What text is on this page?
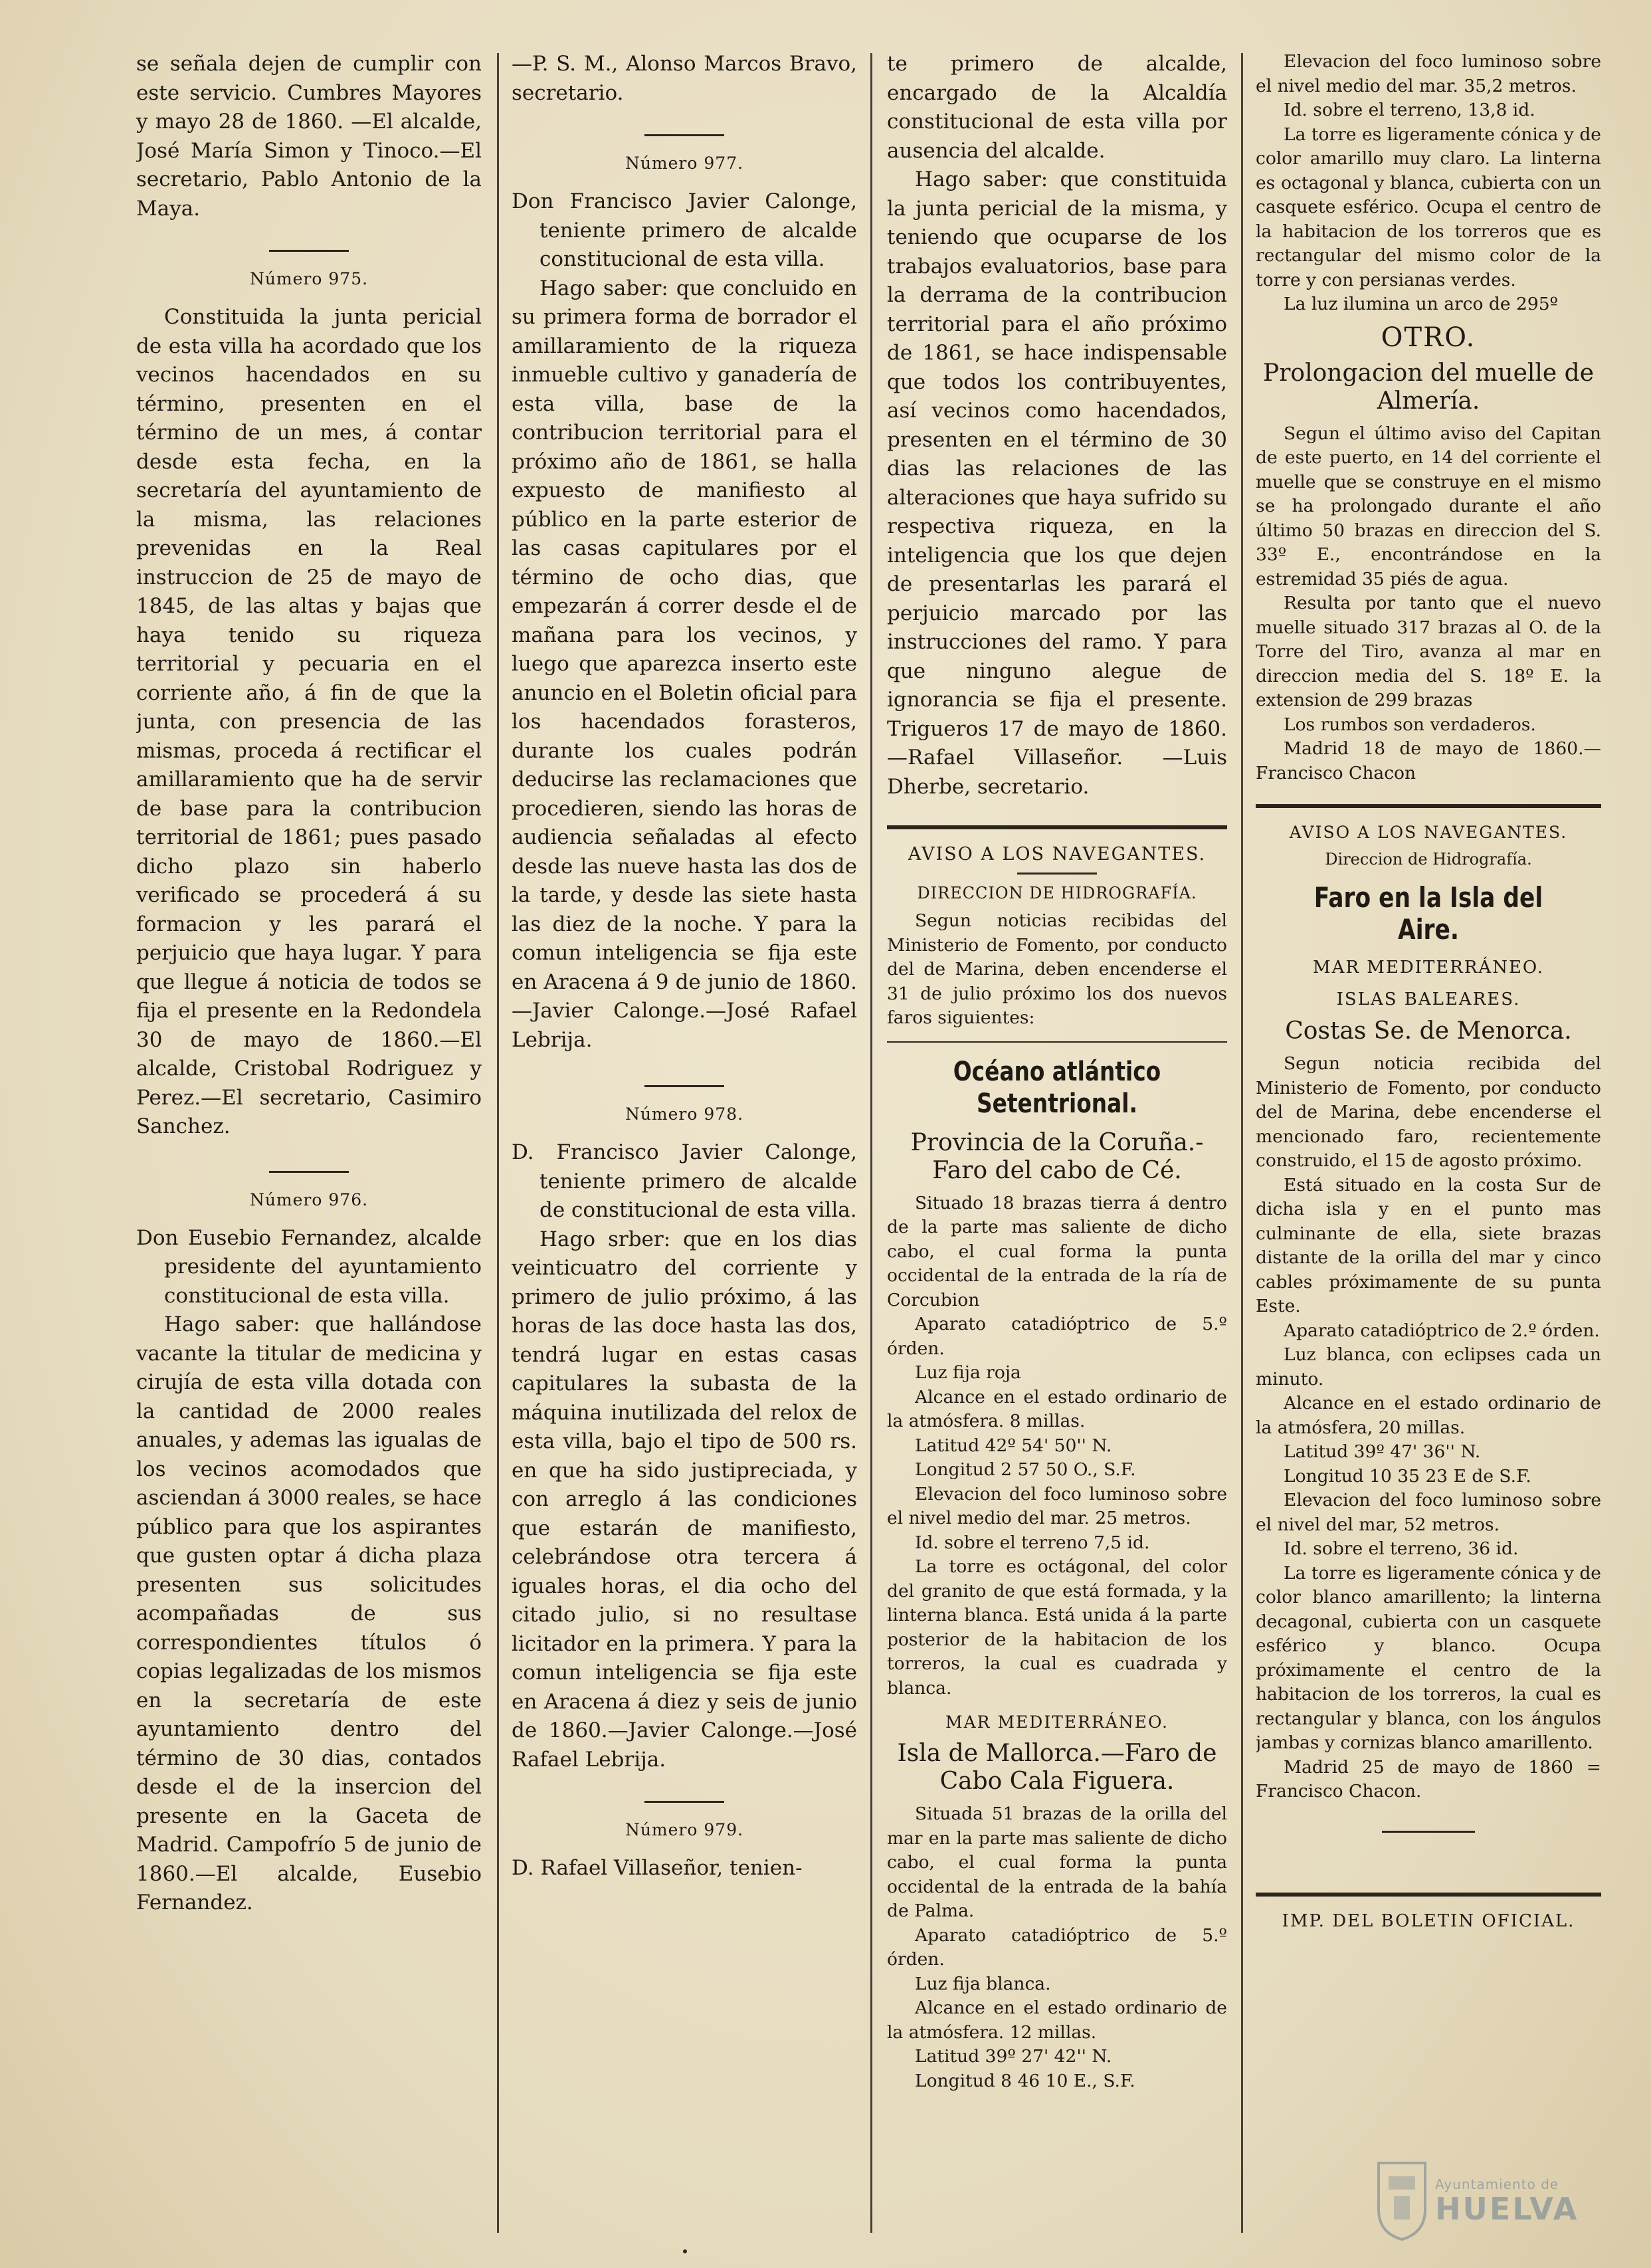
se señala dejen de cumplir con este servicio. Cumbres Mayores y mayo 28 de 1860. —El alcalde, José María Simon y Tinoco.—El secretario, Pablo Antonio de la Maya.

Número 975.

Constituida la junta pericial de esta villa ha acordado que los vecinos hacendados en su término, presenten en el término de un mes, á contar desde esta fecha, en la secretaría del ayuntamiento de la misma, las relaciones prevenidas en la Real instruccion de 25 de mayo de 1845, de las altas y bajas que haya tenido su riqueza territorial y pecuaria en el corriente año, á fin de que la junta, con presencia de las mismas, proceda á rectificar el amillaramiento que ha de servir de base para la contribucion territorial de 1861; pues pasado dicho plazo sin haberlo verificado se procederá á su formacion y les parará el perjuicio que haya lugar. Y para que llegue á noticia de todos se fija el presente en la Redondela 30 de mayo de 1860.—El alcalde, Cristobal Rodriguez y Perez.—El secretario, Casimiro Sanchez.

Número 976.

Don Eusebio Fernandez, alcalde presidente del ayuntamiento constitucional de esta villa.

Hago saber: que hallándose vacante la titular de medicina y cirujía de esta villa dotada con la cantidad de 2000 reales anuales, y ademas las igualas de los vecinos acomodados que asciendan á 3000 reales, se hace público para que los aspirantes que gusten optar á dicha plaza presenten sus solicitudes acompañadas de sus correspondientes títulos ó copias legalizadas de los mismos en la secretaría de este ayuntamiento dentro del término de 30 dias, contados desde el de la insercion del presente en la Gaceta de Madrid. Campofrío 5 de junio de 1860.—El alcalde, Eusebio Fernandez.

—P. S. M., Alonso Marcos Bravo, secretario.

Número 977.

Don Francisco Javier Calonge, teniente primero de alcalde constitucional de esta villa.

Hago saber: que concluido en su primera forma de borrador el amillaramiento de la riqueza inmueble cultivo y ganadería de esta villa, base de la contribucion territorial para el próximo año de 1861, se halla expuesto de manifiesto al público en la parte esterior de las casas capitulares por el término de ocho dias, que empezarán á correr desde el de mañana para los vecinos, y luego que aparezca inserto este anuncio en el Boletin oficial para los hacendados forasteros, durante los cuales podrán deducirse las reclamaciones que procedieren, siendo las horas de audiencia señaladas al efecto desde las nueve hasta las dos de la tarde, y desde las siete hasta las diez de la noche. Y para la comun inteligencia se fija este en Aracena á 9 de junio de 1860.—Javier Calonge.—José Rafael Lebrija.

Número 978.

D. Francisco Javier Calonge, teniente primero de alcalde de constitucional de esta villa.

Hago srber: que en los dias veinticuatro del corriente y primero de julio próximo, á las horas de las doce hasta las dos, tendrá lugar en estas casas capitulares la subasta de la máquina inutilizada del relox de esta villa, bajo el tipo de 500 rs. en que ha sido justipreciada, y con arreglo á las condiciones que estarán de manifiesto, celebrándose otra tercera á iguales horas, el dia ocho del citado julio, si no resultase licitador en la primera. Y para la comun inteligencia se fija este en Aracena á diez y seis de junio de 1860.—Javier Calonge.—José Rafael Lebrija.

Número 979.

D. Rafael Villaseñor, tenien-

te primero de alcalde, encargado de la Alcaldía constitucional de esta villa por ausencia del alcalde.

Hago saber: que constituida la junta pericial de la misma, y teniendo que ocuparse de los trabajos evaluatorios, base para la derrama de la contribucion territorial para el año próximo de 1861, se hace indispensable que todos los contribuyentes, así vecinos como hacendados, presenten en el término de 30 dias las relaciones de las alteraciones que haya sufrido su respectiva riqueza, en la inteligencia que los que dejen de presentarlas les parará el perjuicio marcado por las instrucciones del ramo. Y para que ninguno alegue de ignorancia se fija el presente. Trigueros 17 de mayo de 1860.—Rafael Villaseñor. —Luis Dherbe, secretario.

AVISO A LOS NAVEGANTES.
DIRECCION DE HIDROGRAFÍA.

Segun noticias recibidas del Ministerio de Fomento, por conducto del de Marina, deben encenderse el 31 de julio próximo los dos nuevos faros siguientes:

Océano atlántico Setentrional.
Provincia de la Coruña.-Faro del cabo de Cé.

Situado 18 brazas tierra á dentro de la parte mas saliente de dicho cabo, el cual forma la punta occidental de la entrada de la ría de Corcubion

Aparato catadióptrico de 5.º órden.

Luz fija roja

Alcance en el estado ordinario de la atmósfera. 8 millas.

Latitud 42º 54' 50'' N.

Longitud 2 57 50 O., S.F.

Elevacion del foco luminoso sobre el nivel medio del mar. 25 metros.

Id. sobre el terreno 7,5 id.

La torre es octágonal, del color del granito de que está formada, y la linterna blanca. Está unida á la parte posterior de la habitacion de los torreros, la cual es cuadrada y blanca.

MAR MEDITERRÁNEO.
Isla de Mallorca.—Faro de Cabo Cala Figuera.

Situada 51 brazas de la orilla del mar en la parte mas saliente de dicho cabo, el cual forma la punta occidental de la entrada de la bahía de Palma.

Aparato catadióptrico de 5.º órden.

Luz fija blanca.

Alcance en el estado ordinario de la atmósfera. 12 millas.

Latitud 39º 27' 42'' N.

Longitud 8 46 10 E., S.F.

Elevacion del foco luminoso sobre el nivel medio del mar. 35,2 metros.

Id. sobre el terreno, 13,8 id.

La torre es ligeramente cónica y de color amarillo muy claro. La linterna es octagonal y blanca, cubierta con un casquete esférico. Ocupa el centro de la habitacion de los torreros que es rectangular del mismo color de la torre y con persianas verdes.

La luz ilumina un arco de 295º

OTRO.
Prolongacion del muelle de Almería.

Segun el último aviso del Capitan de este puerto, en 14 del corriente el muelle que se construye en el mismo se ha prolongado durante el año último 50 brazas en direccion del S. 33º E., encontrándose en la estremidad 35 piés de agua.

Resulta por tanto que el nuevo muelle situado 317 brazas al O. de la Torre del Tiro, avanza al mar en direccion media del S. 18º E. la extension de 299 brazas

Los rumbos son verdaderos.

Madrid 18 de mayo de 1860.— Francisco Chacon

AVISO A LOS NAVEGANTES.
Direccion de Hidrografía.
Faro en la Isla del Aire.
MAR MEDITERRÁNEO.
ISLAS BALEARES.
Costas Se. de Menorca.

Segun noticia recibida del Ministerio de Fomento, por conducto del de Marina, debe encenderse el mencionado faro, recientemente construido, el 15 de agosto próximo.

Está situado en la costa Sur de dicha isla y en el punto mas culminante de ella, siete brazas distante de la orilla del mar y cinco cables próximamente de su punta Este.

Aparato catadióptrico de 2.º órden.

Luz blanca, con eclipses cada un minuto.

Alcance en el estado ordinario de la atmósfera, 20 millas.

Latitud 39º 47' 36'' N.

Longitud 10 35 23 E de S.F.

Elevacion del foco luminoso sobre el nivel del mar, 52 metros.

Id. sobre el terreno, 36 id.

La torre es ligeramente cónica y de color blanco amarillento; la linterna decagonal, cubierta con un casquete esférico y blanco. Ocupa próximamente el centro de la habitacion de los torreros, la cual es rectangular y blanca, con los ángulos jambas y cornizas blanco amarillento.

Madrid 25 de mayo de 1860 = Francisco Chacon.

IMP. DEL BOLETIN OFICIAL.
Ayuntamiento de
HUELVA
